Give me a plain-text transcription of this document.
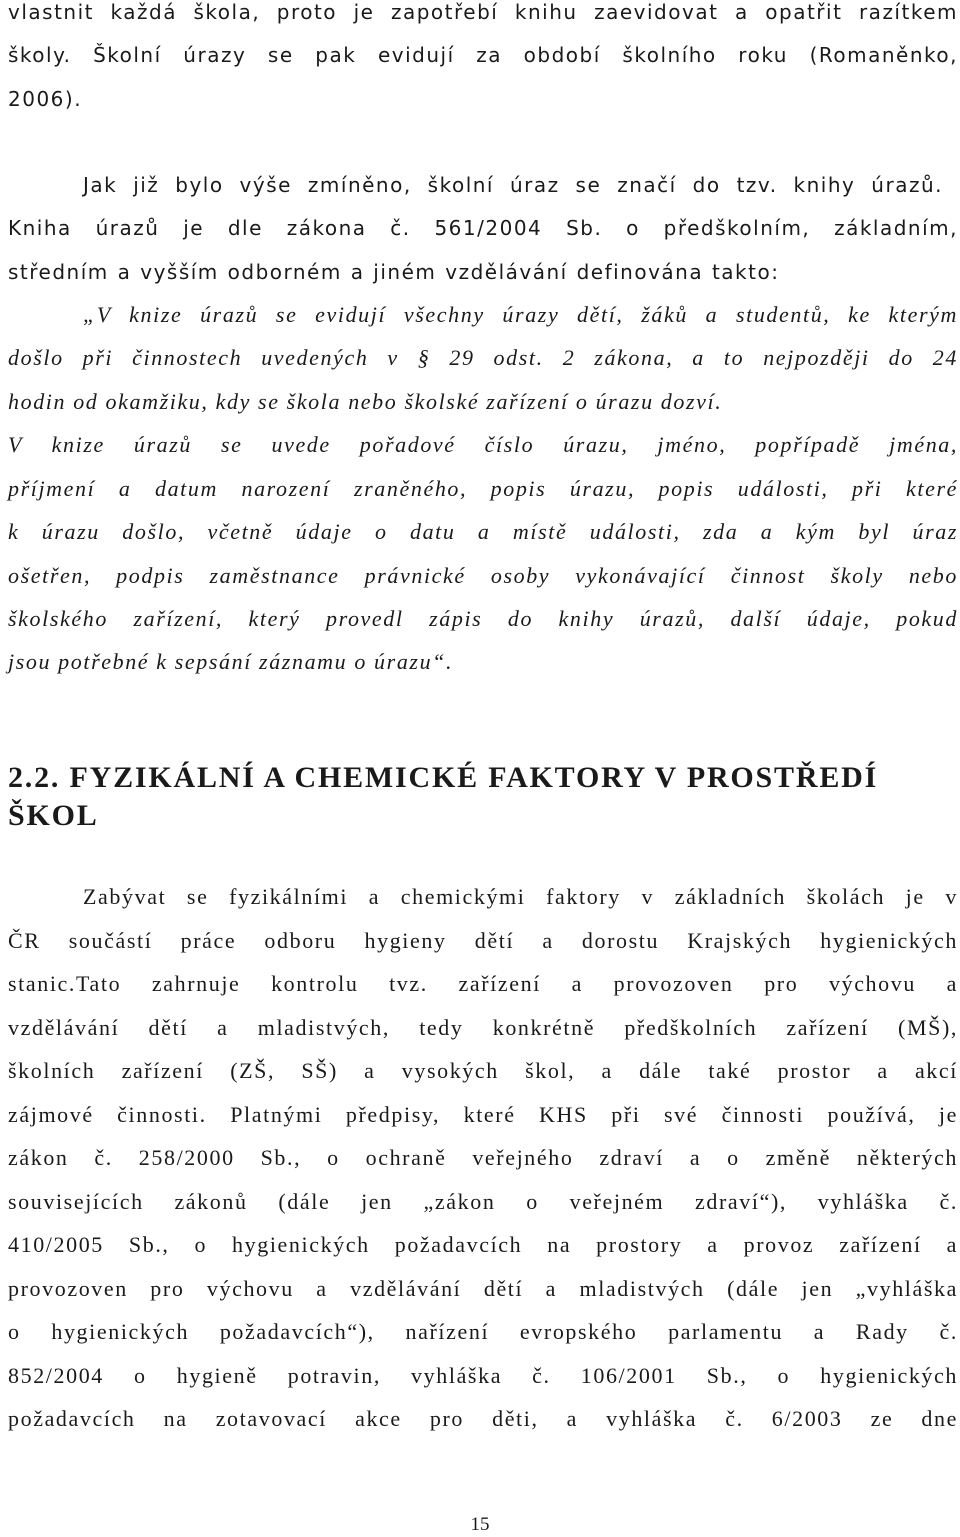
vlastnit každá škola, proto je zapotřebí knihu zaevidovat a opatřit razítkem

školy. Školní úrazy se pak evidují za období školního roku (Romaněnko,

2006).

Jak již bylo výše zmíněno, školní úraz se značí do tzv. knihy úrazů.

Kniha úrazů je dle zákona č. 561/2004 Sb. o předškolním, základním,

středním a vyšším odborném a jiném vzdělávání definována takto:

„V knize úrazů se evidují všechny úrazy dětí, žáků a studentů, ke kterým

došlo při činnostech uvedených v § 29 odst. 2 zákona, a to nejpozději do 24

hodin od okamžiku, kdy se škola nebo školské zařízení o úrazu dozví.

V knize úrazů se uvede pořadové číslo úrazu, jméno, popřípadě jména,

příjmení a datum narození zraněného, popis úrazu, popis události, při které

k úrazu došlo, včetně údaje o datu a místě události, zda a kým byl úraz

ošetřen, podpis zaměstnance právnické osoby vykonávající činnost školy nebo

školského zařízení, který provedl zápis do knihy úrazů, další údaje, pokud

jsou potřebné k sepsání záznamu o úrazu“.

2.2. FYZIKÁLNÍ A CHEMICKÉ FAKTORY V PROSTŘEDÍ
ŠKOL

Zabývat se fyzikálními a chemickými faktory v základních školách je v

ČR součástí práce odboru hygieny dětí a dorostu Krajských hygienických

stanic.Tato zahrnuje kontrolu tvz. zařízení a provozoven pro výchovu a

vzdělávání dětí a mladistvých, tedy konkrétně předškolních zařízení (MŠ),

školních zařízení (ZŠ, SŠ) a vysokých škol, a dále také prostor a akcí

zájmové činnosti. Platnými předpisy, které KHS při své činnosti používá, je

zákon č. 258/2000 Sb., o ochraně veřejného zdraví a o změně některých

souvisejících zákonů (dále jen „zákon o veřejném zdraví“), vyhláška č.

410/2005 Sb., o hygienických požadavcích na prostory a provoz zařízení a

provozoven pro výchovu a vzdělávání dětí a mladistvých (dále jen „vyhláška

o hygienických požadavcích“), nařízení evropského parlamentu a Rady č.

852/2004 o hygieně potravin, vyhláška č. 106/2001 Sb., o hygienických

požadavcích na zotavovací akce pro děti, a vyhláška č. 6/2003 ze dne

15
